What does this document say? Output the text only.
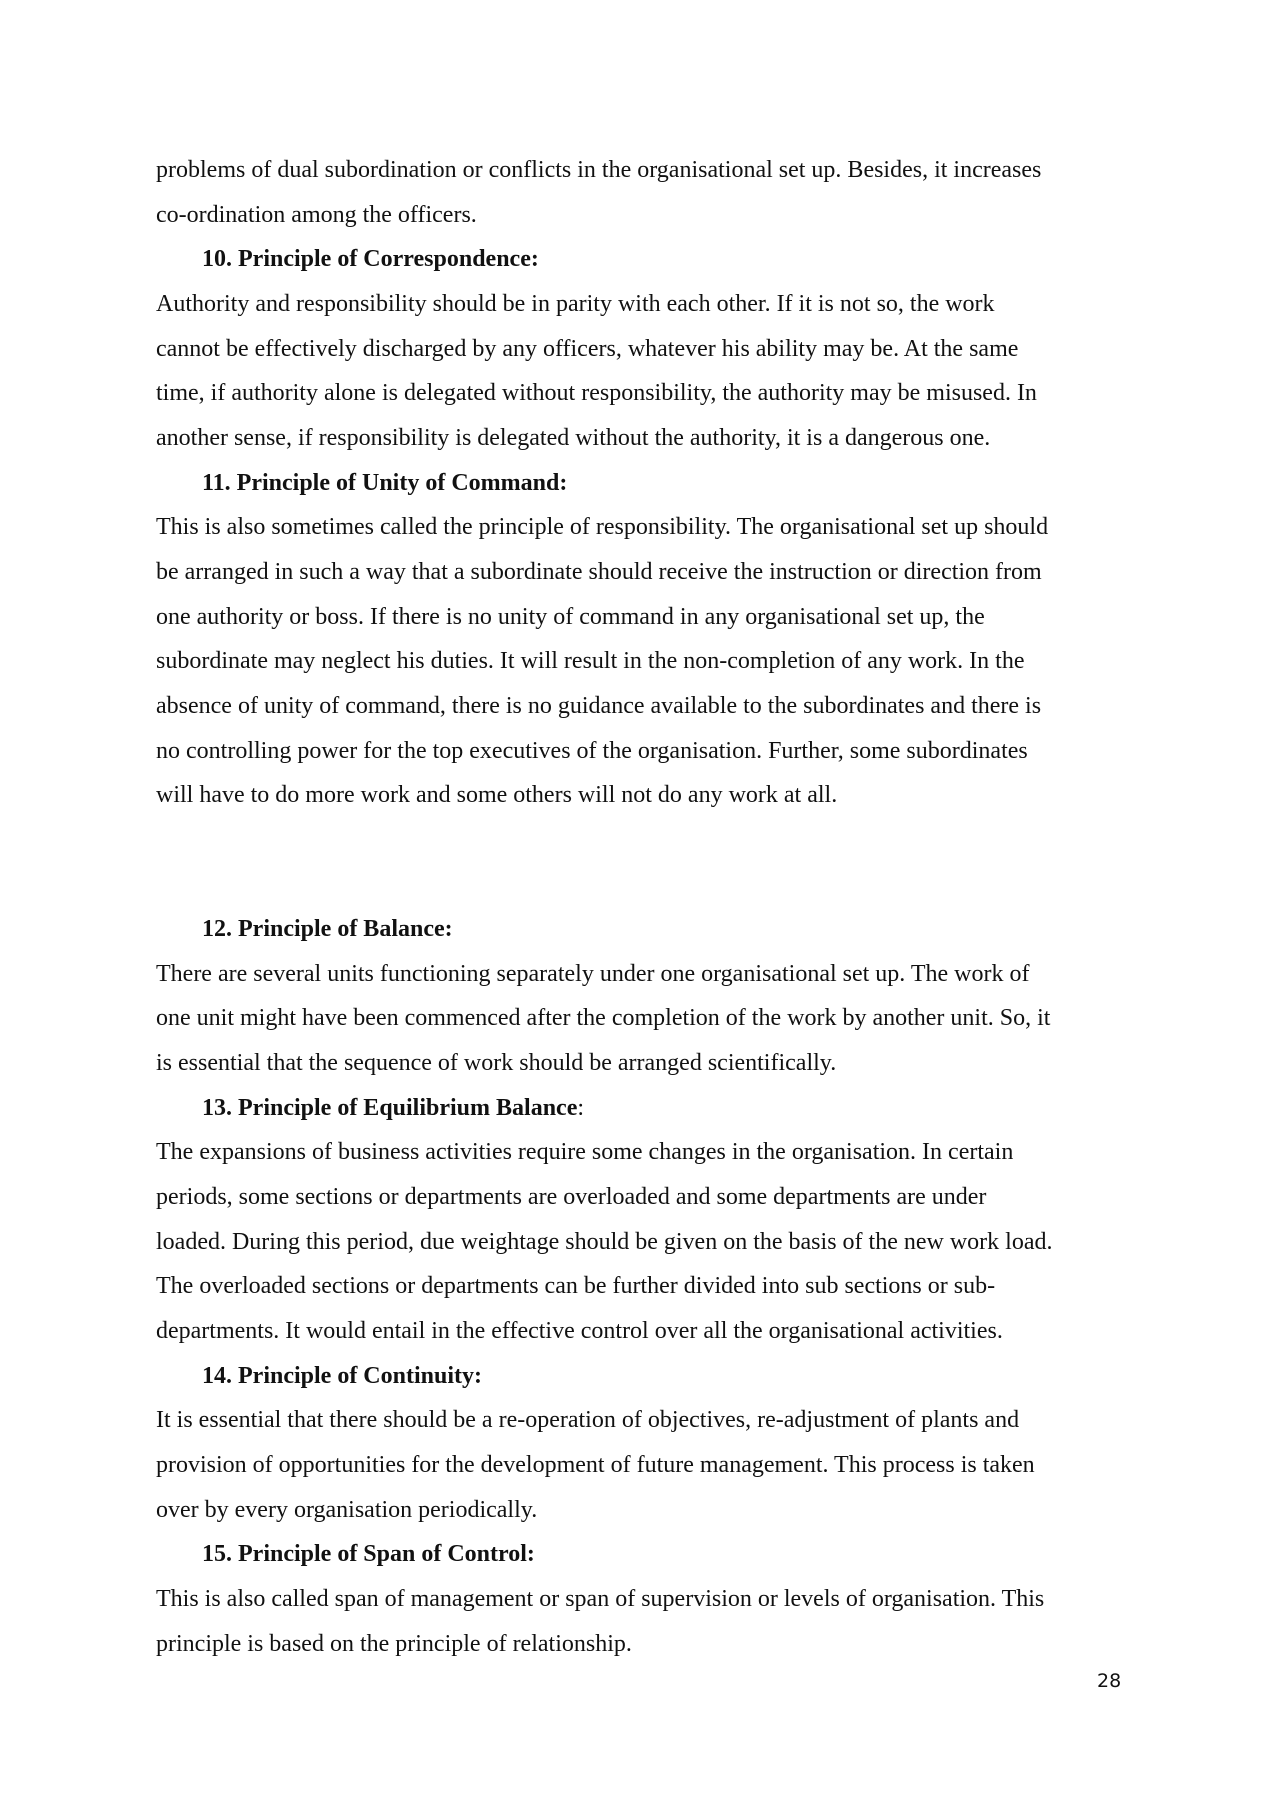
problems of dual subordination or conflicts in the organisational set up. Besides, it increases
co-ordination among the officers.
10. Principle of Correspondence:
Authority and responsibility should be in parity with each other. If it is not so, the work
cannot be effectively discharged by any officers, whatever his ability may be. At the same
time, if authority alone is delegated without responsibility, the authority may be misused. In
another sense, if responsibility is delegated without the authority, it is a dangerous one.
11. Principle of Unity of Command:
This is also sometimes called the principle of responsibility. The organisational set up should
be arranged in such a way that a subordinate should receive the instruction or direction from
one authority or boss. If there is no unity of command in any organisational set up, the
subordinate may neglect his duties. It will result in the non-completion of any work. In the
absence of unity of command, there is no guidance available to the subordinates and there is
no controlling power for the top executives of the organisation. Further, some subordinates
will have to do more work and some others will not do any work at all.
12. Principle of Balance:
There are several units functioning separately under one organisational set up. The work of
one unit might have been commenced after the completion of the work by another unit. So, it
is essential that the sequence of work should be arranged scientifically.
13. Principle of Equilibrium Balance:
The expansions of business activities require some changes in the organisation. In certain
periods, some sections or departments are overloaded and some departments are under
loaded. During this period, due weightage should be given on the basis of the new work load.
The overloaded sections or departments can be further divided into sub sections or sub-
departments. It would entail in the effective control over all the organisational activities.
14. Principle of Continuity:
It is essential that there should be a re-operation of objectives, re-adjustment of plants and
provision of opportunities for the development of future management. This process is taken
over by every organisation periodically.
15. Principle of Span of Control:
This is also called span of management or span of supervision or levels of organisation. This
principle is based on the principle of relationship.
28
